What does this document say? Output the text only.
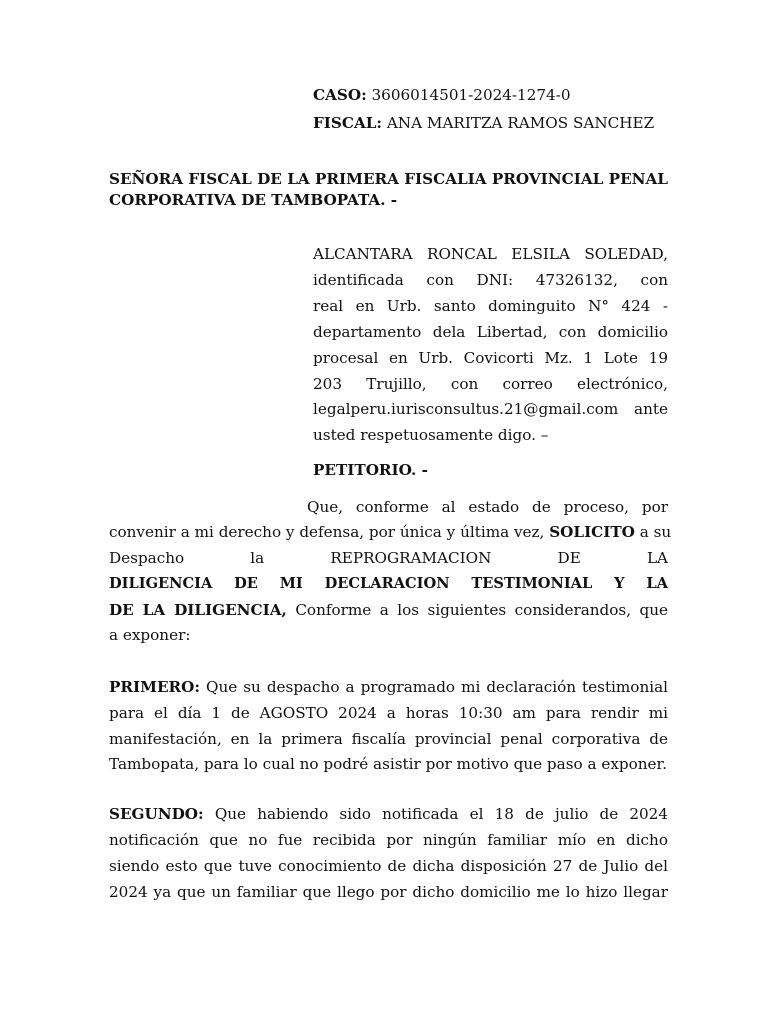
CASO: 3606014501-2024-1274-0
FISCAL: ANA MARITZA RAMOS SANCHEZ
SEÑORA FISCAL DE LA PRIMERA FISCALIA PROVINCIAL PENAL
CORPORATIVA DE TAMBOPATA. -
ALCANTARA RONCAL ELSILA SOLEDAD,
identificada con DNI: 47326132, con
real en Urb. santo dominguito N° 424 -
departamento dela Libertad, con domicilio
procesal en Urb. Covicorti Mz. 1 Lote 19
203 Trujillo, con correo electrónico,
legalperu.iurisconsultus.21@gmail.com ante
usted respetuosamente digo. –
PETITORIO. -
Que, conforme al estado de proceso, por
convenir a mi derecho y defensa, por única y última vez, SOLICITO a su
Despacho la REPROGRAMACION DE LA
DILIGENCIA DE MI DECLARACION TESTIMONIAL Y LA
DE LA DILIGENCIA, Conforme a los siguientes considerandos, que
a exponer:
PRIMERO: Que su despacho a programado mi declaración testimonial
para el día 1 de AGOSTO 2024 a horas 10:30 am para rendir mi
manifestación, en la primera fiscalía provincial penal corporativa de
Tambopata, para lo cual no podré asistir por motivo que paso a exponer.
SEGUNDO: Que habiendo sido notificada el 18 de julio de 2024
notificación que no fue recibida por ningún familiar mío en dicho
siendo esto que tuve conocimiento de dicha disposición 27 de Julio del
2024 ya que un familiar que llego por dicho domicilio me lo hizo llegar
